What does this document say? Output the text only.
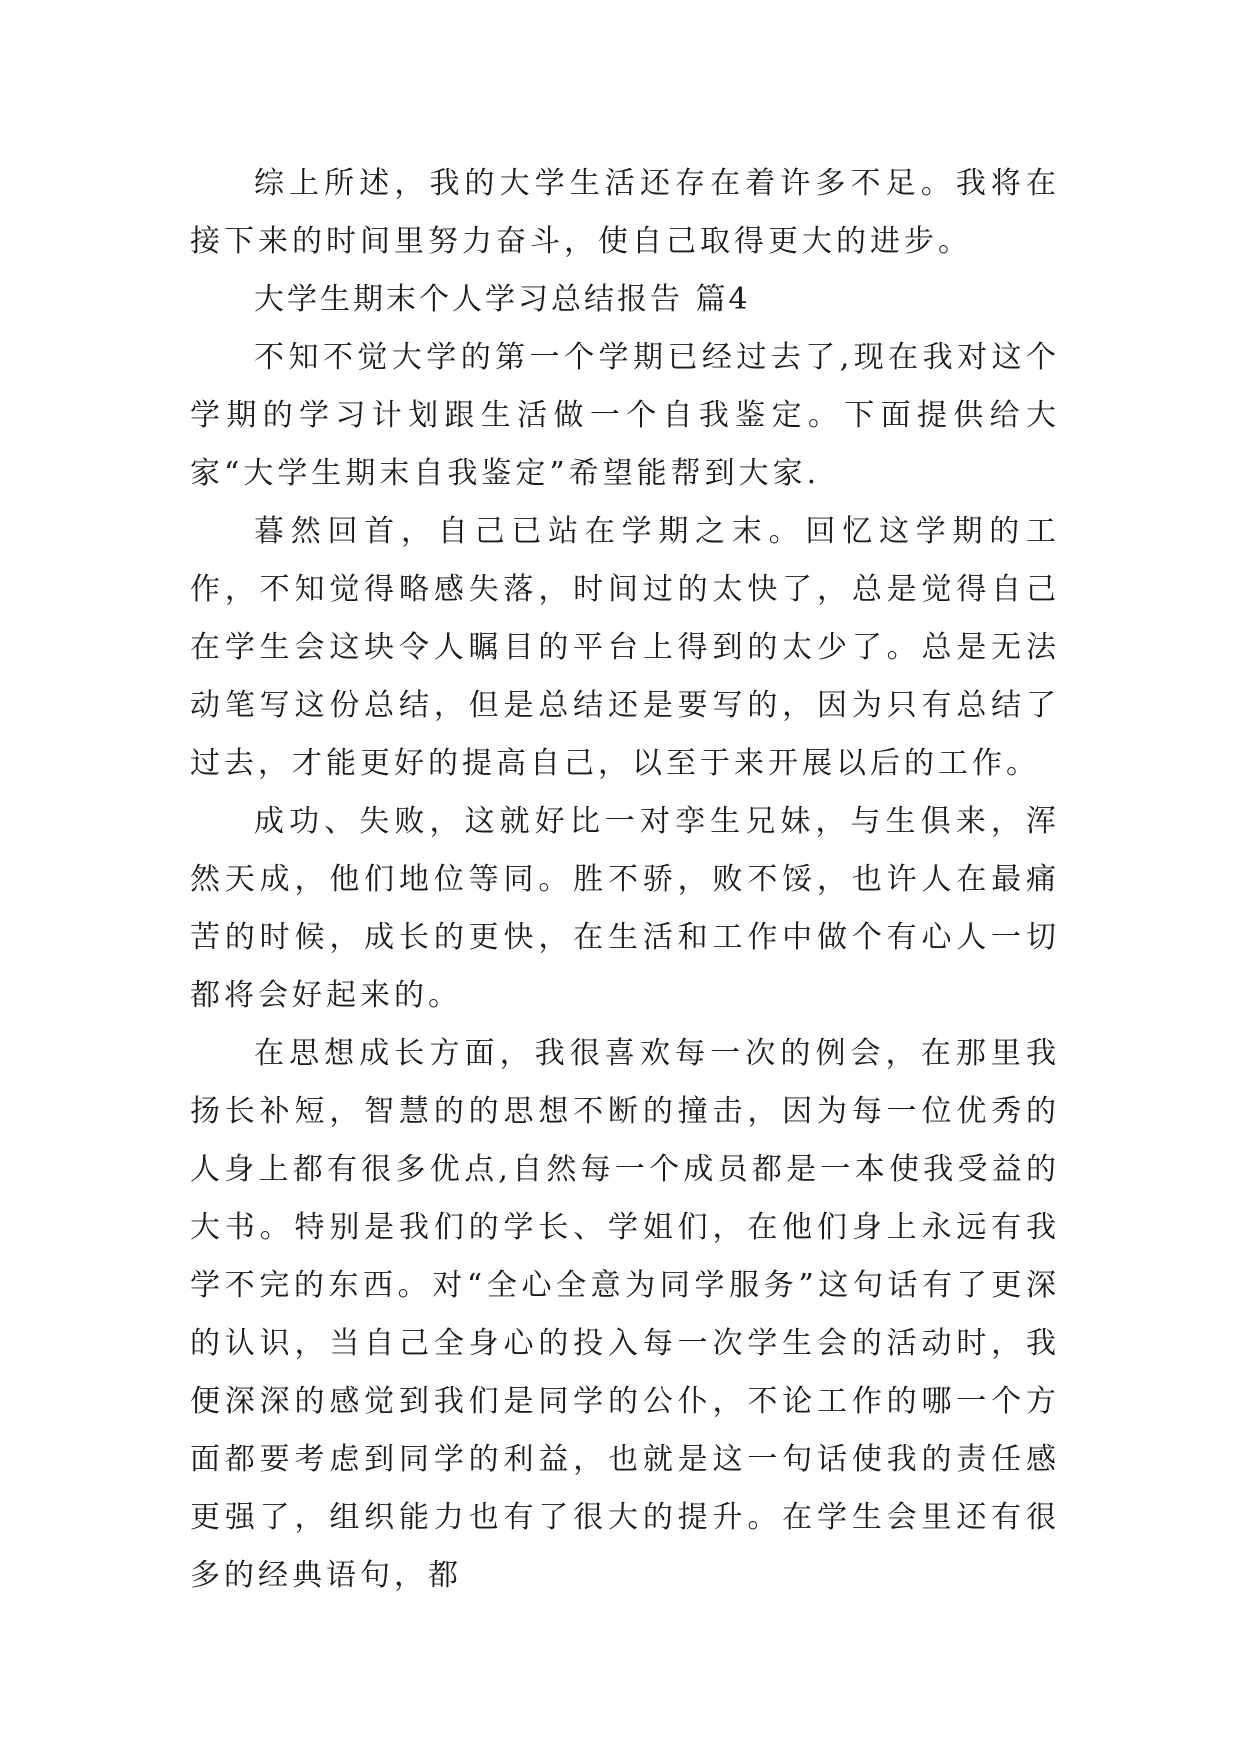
综上所述，我的大学生活还存在着许多不足。我将在接下来的时间里努力奋斗，使自己取得更大的进步。

大学生期末个人学习总结报告 篇4

不知不觉大学的第一个学期已经过去了,现在我对这个学期的学习计划跟生活做一个自我鉴定。下面提供给大家“大学生期末自我鉴定”希望能帮到大家.

暮然回首，自己已站在学期之末。回忆这学期的工作，不知觉得略感失落，时间过的太快了，总是觉得自己在学生会这块令人瞩目的平台上得到的太少了。总是无法动笔写这份总结，但是总结还是要写的，因为只有总结了过去，才能更好的提高自己，以至于来开展以后的工作。

成功、失败，这就好比一对孪生兄妹，与生俱来，浑然天成，他们地位等同。胜不骄，败不馁，也许人在最痛苦的时候，成长的更快，在生活和工作中做个有心人一切都将会好起来的。

在思想成长方面，我很喜欢每一次的例会，在那里我扬长补短，智慧的的思想不断的撞击，因为每一位优秀的人身上都有很多优点,自然每一个成员都是一本使我受益的大书。特别是我们的学长、学姐们，在他们身上永远有我学不完的东西。对“全心全意为同学服务”这句话有了更深的认识，当自己全身心的投入每一次学生会的活动时，我便深深的感觉到我们是同学的公仆，不论工作的哪一个方面都要考虑到同学的利益，也就是这一句话使我的责任感更强了，组织能力也有了很大的提升。在学生会里还有很多的经典语句，都
